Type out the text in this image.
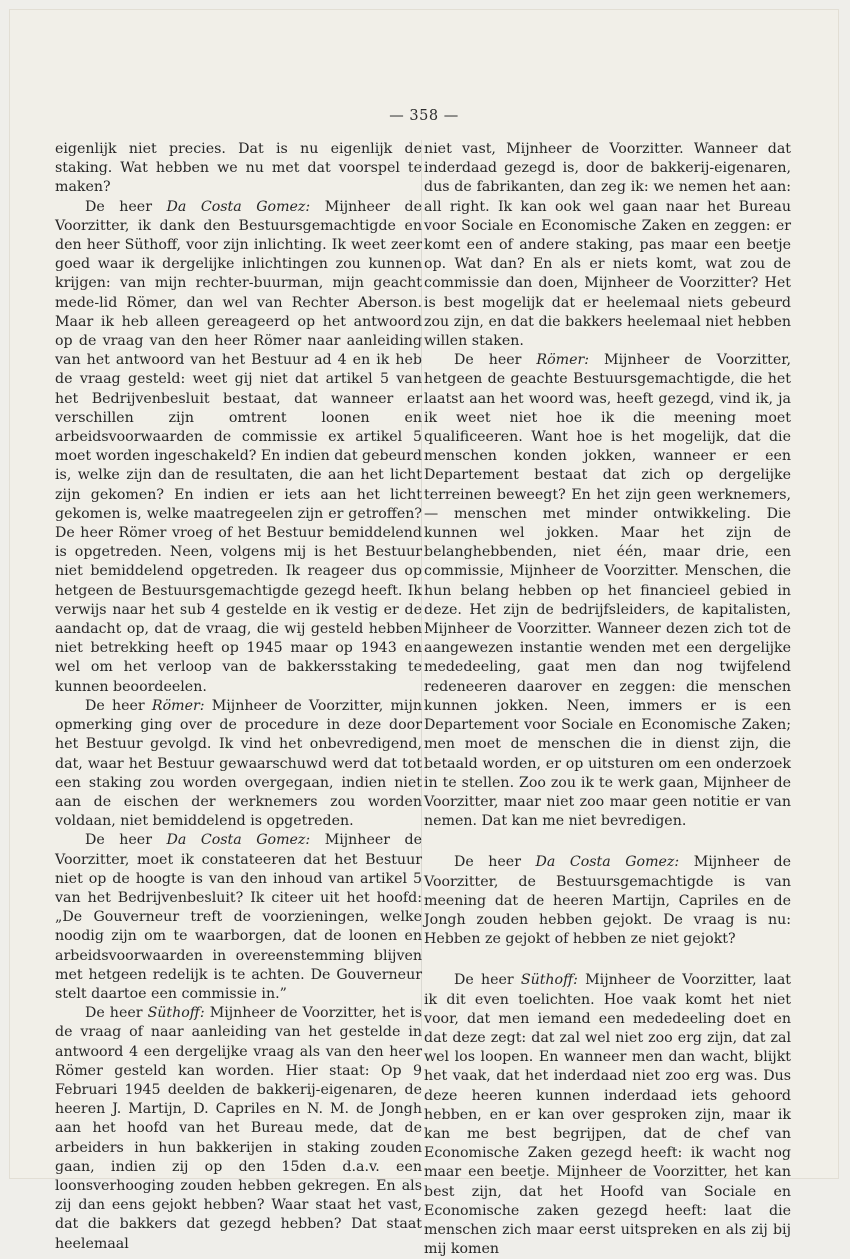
— 358 —

eigenlijk niet precies. Dat is nu eigenlijk de staking. Wat hebben we nu met dat voorspel te maken?

De heer Da Costa Gomez: Mijnheer de Voorzitter, ik dank den Bestuursgemachtigde en den heer Süthoff, voor zijn inlichting. Ik weet zeer goed waar ik dergelijke inlichtingen zou kunnen krijgen: van mijn rechter-buurman, mijn geacht mede-lid Römer, dan wel van Rechter Aberson. Maar ik heb alleen gereageerd op het antwoord op de vraag van den heer Römer naar aanleiding van het antwoord van het Bestuur ad 4 en ik heb de vraag gesteld: weet gij niet dat artikel 5 van het Bedrijvenbesluit bestaat, dat wanneer er verschillen zijn omtrent loonen en arbeidsvoorwaarden de commissie ex artikel 5 moet worden ingeschakeld? En indien dat gebeurd is, welke zijn dan de resultaten, die aan het licht zijn gekomen? En indien er iets aan het licht gekomen is, welke maatregeelen zijn er getroffen? De heer Römer vroeg of het Bestuur bemiddelend is opgetreden. Neen, volgens mij is het Bestuur niet bemiddelend opgetreden. Ik reageer dus op hetgeen de Bestuursgemachtigde gezegd heeft. Ik verwijs naar het sub 4 gestelde en ik vestig er de aandacht op, dat de vraag, die wij gesteld hebben niet betrekking heeft op 1945 maar op 1943 en wel om het verloop van de bakkersstaking te kunnen beoordeelen.

De heer Römer: Mijnheer de Voorzitter, mijn opmerking ging over de procedure in deze door het Bestuur gevolgd. Ik vind het onbevredigend, dat, waar het Bestuur gewaarschuwd werd dat tot een staking zou worden overgegaan, indien niet aan de eischen der werknemers zou worden voldaan, niet bemiddelend is opgetreden.

De heer Da Costa Gomez: Mijnheer de Voorzitter, moet ik constateeren dat het Bestuur niet op de hoogte is van den inhoud van artikel 5 van het Bedrijvenbesluit? Ik citeer uit het hoofd: „De Gouverneur treft de voorzieningen, welke noodig zijn om te waarborgen, dat de loonen en arbeidsvoorwaarden in overeenstemming blijven met hetgeen redelijk is te achten. De Gouverneur stelt daartoe een commissie in.”

De heer Süthoff: Mijnheer de Voorzitter, het is de vraag of naar aanleiding van het gestelde in antwoord 4 een dergelijke vraag als van den heer Römer gesteld kan worden. Hier staat: Op 9 Februari 1945 deelden de bakkerij-eigenaren, de heeren J. Martijn, D. Capriles en N. M. de Jongh aan het hoofd van het Bureau mede, dat de arbeiders in hun bakkerijen in staking zouden gaan, indien zij op den 15den d.a.v. een loonsverhooging zouden hebben gekregen. En als zij dan eens gejokt hebben? Waar staat het vast, dat die bakkers dat gezegd hebben? Dat staat heelemaal

niet vast, Mijnheer de Voorzitter. Wanneer dat inderdaad gezegd is, door de bakkerij-eigenaren, dus de fabrikanten, dan zeg ik: we nemen het aan: all right. Ik kan ook wel gaan naar het Bureau voor Sociale en Economische Zaken en zeggen: er komt een of andere staking, pas maar een beetje op. Wat dan? En als er niets komt, wat zou de commissie dan doen, Mijnheer de Voorzitter? Het is best mogelijk dat er heelemaal niets gebeurd zou zijn, en dat die bakkers heelemaal niet hebben willen staken.

De heer Römer: Mijnheer de Voorzitter, hetgeen de geachte Bestuursgemachtigde, die het laatst aan het woord was, heeft gezegd, vind ik, ja ik weet niet hoe ik die meening moet qualificeeren. Want hoe is het mogelijk, dat die menschen konden jokken, wanneer er een Departement bestaat dat zich op dergelijke terreinen beweegt? En het zijn geen werknemers, — menschen met minder ontwikkeling. Die kunnen wel jokken. Maar het zijn de belanghebbenden, niet één, maar drie, een commissie, Mijnheer de Voorzitter. Menschen, die hun belang hebben op het financieel gebied in deze. Het zijn de bedrijfsleiders, de kapitalisten, Mijnheer de Voorzitter. Wanneer dezen zich tot de aangewezen instantie wenden met een dergelijke mededeeling, gaat men dan nog twijfelend redeneeren daarover en zeggen: die menschen kunnen jokken. Neen, immers er is een Departement voor Sociale en Economische Zaken; men moet de menschen die in dienst zijn, die betaald worden, er op uitsturen om een onderzoek in te stellen. Zoo zou ik te werk gaan, Mijnheer de Voorzitter, maar niet zoo maar geen notitie er van nemen. Dat kan me niet bevredigen.

De heer Da Costa Gomez: Mijnheer de Voorzitter, de Bestuursgemachtigde is van meening dat de heeren Martijn, Capriles en de Jongh zouden hebben gejokt. De vraag is nu: Hebben ze gejokt of hebben ze niet gejokt?

De heer Süthoff: Mijnheer de Voorzitter, laat ik dit even toelichten. Hoe vaak komt het niet voor, dat men iemand een mededeeling doet en dat deze zegt: dat zal wel niet zoo erg zijn, dat zal wel los loopen. En wanneer men dan wacht, blijkt het vaak, dat het inderdaad niet zoo erg was. Dus deze heeren kunnen inderdaad iets gehoord hebben, en er kan over gesproken zijn, maar ik kan me best begrijpen, dat de chef van Economische Zaken gezegd heeft: ik wacht nog maar een beetje. Mijnheer de Voorzitter, het kan best zijn, dat het Hoofd van Sociale en Economische zaken gezegd heeft: laat die menschen zich maar eerst uitspreken en als zij bij mij komen
